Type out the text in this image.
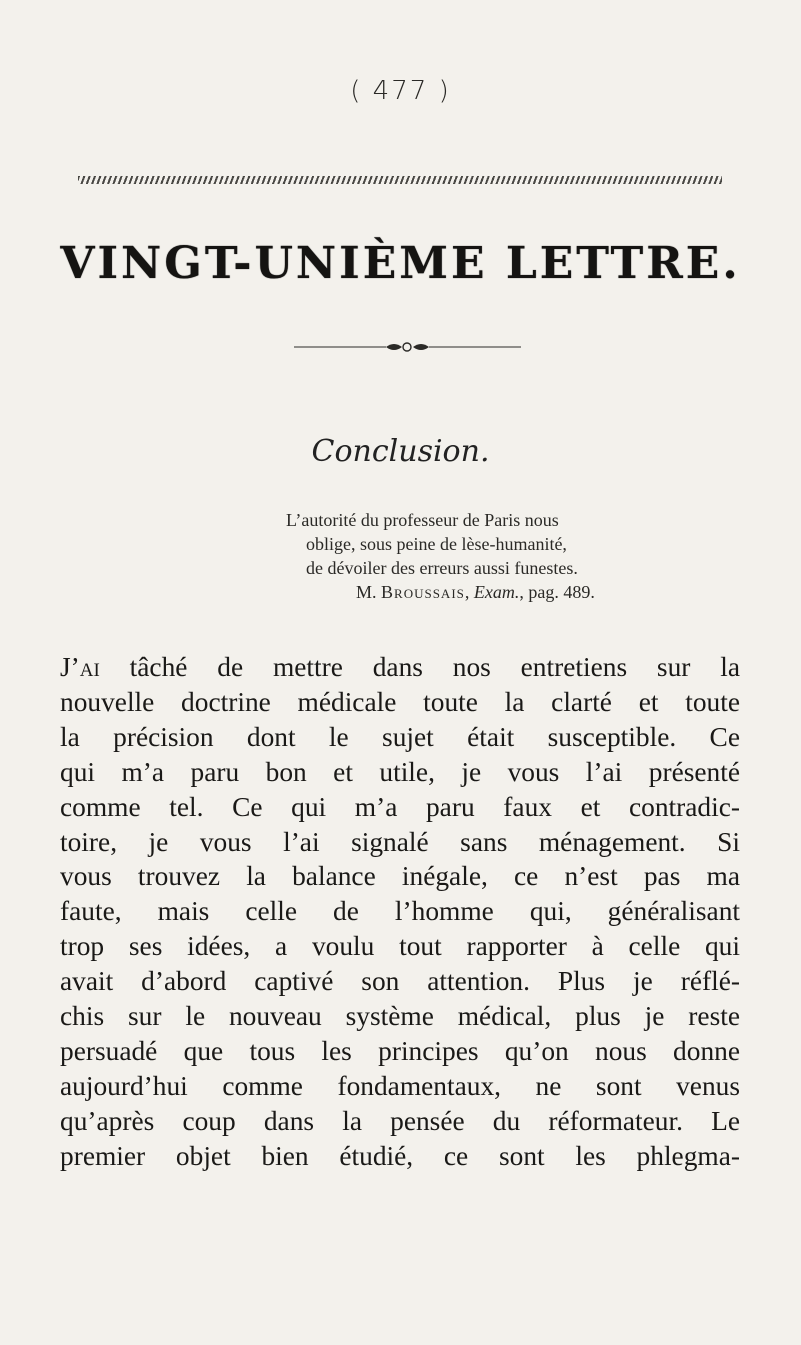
( 477 )
VINGT-UNIÈME LETTRE.
Conclusion.
L’autorité du professeur de Paris nous
oblige, sous peine de lèse-humanité,
de dévoiler des erreurs aussi funestes.
M. Broussais, Exam., pag. 489.
J’ai tâché de mettre dans nos entretiens sur la
nouvelle doctrine médicale toute la clarté et toute
la précision dont le sujet était susceptible. Ce
qui m’a paru bon et utile, je vous l’ai présenté
comme tel. Ce qui m’a paru faux et contradic-
toire, je vous l’ai signalé sans ménagement. Si
vous trouvez la balance inégale, ce n’est pas ma
faute, mais celle de l’homme qui, généralisant
trop ses idées, a voulu tout rapporter à celle qui
avait d’abord captivé son attention. Plus je réflé-
chis sur le nouveau système médical, plus je reste
persuadé que tous les principes qu’on nous donne
aujourd’hui comme fondamentaux, ne sont venus
qu’après coup dans la pensée du réformateur. Le
premier objet bien étudié, ce sont les phlegma-
